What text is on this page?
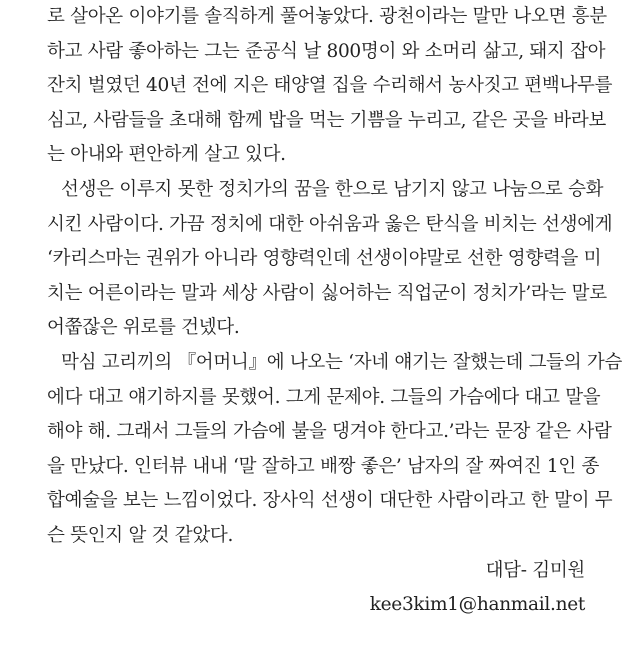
로 살아온 이야기를 솔직하게 풀어놓았다. 광천이라는 말만 나오면 흥분
하고 사람 좋아하는 그는 준공식 날 800명이 와 소머리 삶고, 돼지 잡아
잔치 벌였던 40년 전에 지은 태양열 집을 수리해서 농사짓고 편백나무를
심고, 사람들을 초대해 함께 밥을 먹는 기쁨을 누리고, 같은 곳을 바라보
는 아내와 편안하게 살고 있다.
선생은 이루지 못한 정치가의 꿈을 한으로 남기지 않고 나눔으로 승화
시킨 사람이다. 가끔 정치에 대한 아쉬움과 옳은 탄식을 비치는 선생에게
‘카리스마는 권위가 아니라 영향력인데 선생이야말로 선한 영향력을 미
치는 어른이라는 말과 세상 사람이 싫어하는 직업군이 정치가’라는 말로
어쭙잖은 위로를 건넸다.
막심 고리끼의 『어머니』에 나오는 ‘자네 얘기는 잘했는데 그들의 가슴
에다 대고 얘기하지를 못했어. 그게 문제야. 그들의 가슴에다 대고 말을
해야 해. 그래서 그들의 가슴에 불을 댕겨야 한다고.’라는 문장 같은 사람
을 만났다. 인터뷰 내내 ‘말 잘하고 배짱 좋은’ 남자의 잘 짜여진 1인 종
합예술을 보는 느낌이었다. 장사익 선생이 대단한 사람이라고 한 말이 무
슨 뜻인지 알 것 같았다.
대담- 김미원
kee3kim1@hanmail.net
